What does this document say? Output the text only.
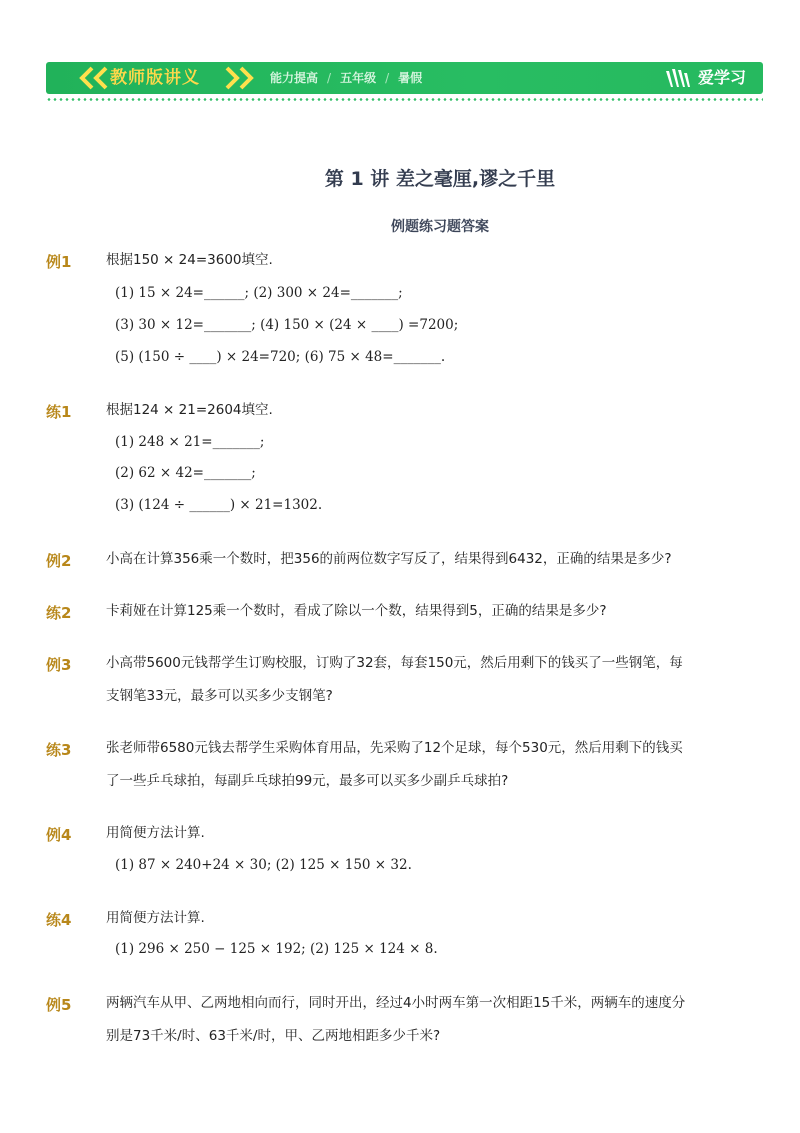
教师版讲义	能力提高 / 五年级 / 暑假	爱学习
第 1 讲 差之毫厘,谬之千里
例题练习题答案
例1	根据150 × 24=3600填空.
(1) 15 × 24=______; (2) 300 × 24=_______;
(3) 30 × 12=_______; (4) 150 × (24 × ____) =7200;
(5) (150 ÷ ____) × 24=720; (6) 75 × 48=_______.
练1	根据124 × 21=2604填空.
(1) 248 × 21=_______;
(2) 62 × 42=_______;
(3) (124 ÷ ______) × 21=1302.
例2	小高在计算356乘一个数时，把356的前两位数字写反了，结果得到6432，正确的结果是多少?
练2	卡莉娅在计算125乘一个数时，看成了除以一个数，结果得到5，正确的结果是多少?
例3	小高带5600元钱帮学生订购校服，订购了32套，每套150元，然后用剩下的钱买了一些钢笔，每
支钢笔33元，最多可以买多少支钢笔?
练3	张老师带6580元钱去帮学生采购体育用品，先采购了12个足球，每个530元，然后用剩下的钱买
了一些乒乓球拍，每副乒乓球拍99元，最多可以买多少副乒乓球拍?
例4	用简便方法计算.
(1) 87 × 240+24 × 30; (2) 125 × 150 × 32.
练4	用简便方法计算.
(1) 296 × 250 − 125 × 192; (2) 125 × 124 × 8.
例5	两辆汽车从甲、乙两地相向而行，同时开出，经过4小时两车第一次相距15千米，两辆车的速度分
别是73千米/时、63千米/时，甲、乙两地相距多少千米?
